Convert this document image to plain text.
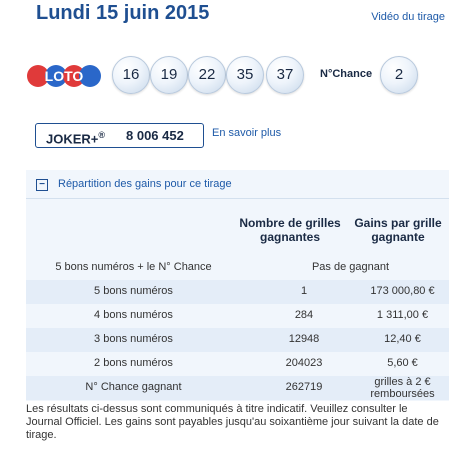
Lundi 15 juin 2015	Vidéo du tirage
LOTO	16	19	22	35	37	N°Chance	2
JOKER+® 8 006 452	En savoir plus
− Répartition des gains pour ce tirage
Nombre de grilles gagnantes
Gains par grille gagnante
5 bons numéros + le N° Chance	Pas de gagnant
5 bons numéros	1	173 000,80 €
4 bons numéros	284	1 311,00 €
3 bons numéros	12948	12,40 €
2 bons numéros	204023	5,60 €
N° Chance gagnant	262719	grilles à 2 €
remboursées
Les résultats ci-dessus sont communiqués à titre indicatif. Veuillez consulter le Journal Officiel. Les gains sont payables jusqu'au soixantième jour suivant la date de tirage.
